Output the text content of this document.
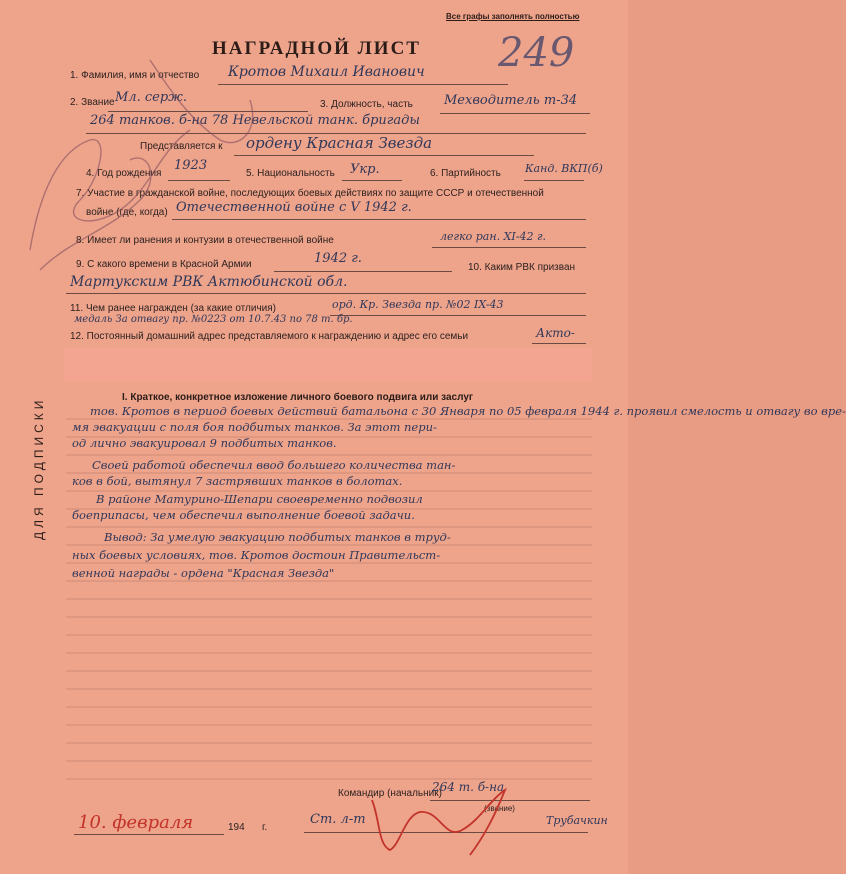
Все графы заполнять полностью
НАГРАДНОЙ ЛИСТ 249
ДЛЯ ПОДПИСКИ
1. Фамилия, имя и отчество Кротов Михаил Иванович
2. Звание Мл. серж.	3. Должность, часть Мехводитель т-34
264 танков. б-на 78 Невельской танк. бригады
Представляется к ордену Красная Звезда
4. Год рождения
1923
5. Национальность Укр.	6. Партийность Канд. ВКП(б)
7. Участие в гражданской войне, последующих боевых действиях по защите СССР и отечественной
войне (где, когда) Отечественной войне с V 1942 г.
8. Имеет ли ранения и контузии в отечественной войне	легко ран. XI-42 г.
9. С какого времени в Красной Армии	1942 г.
10. Каким РВК призван
Мартукским РВК Актюбинской обл.
11. Чем ранее награжден (за какие отличия)	орд. Кр. Звезда пр. №02 IX-43
медаль За отвагу пр. №0223 от 10.7.43 по 78 т. бр.
12. Постоянный домашний адрес представляемого к награждению и адрес его семьи	Акто-
I. Краткое, конкретное изложение личного боевого подвига или заслуг
тов. Кротов в период боевых действий батальона с 30 Января по 05 февраля 1944 г. проявил смелость и отвагу во вре-
мя эвакуации с поля боя подбитых танков. За этот пери-
од лично эвакуировал 9 подбитых танков.
Своей работой обеспечил ввод большего количества тан-
ков в бой, вытянул 7 застрявших танков в болотах.
В районе Матурино-Шепари своевременно подвозил
боеприпасы, чем обеспечил выполнение боевой задачи.
Вывод: За умелую эвакуацию подбитых танков в труд-
ных боевых условиях, тов. Кротов достоин Правительст-
венной награды - ордена "Красная Звезда"
10. февраля	194 г.
Командир (начальник)
264 т. б-на
(звание)
Ст. л-т	Трубачкин
